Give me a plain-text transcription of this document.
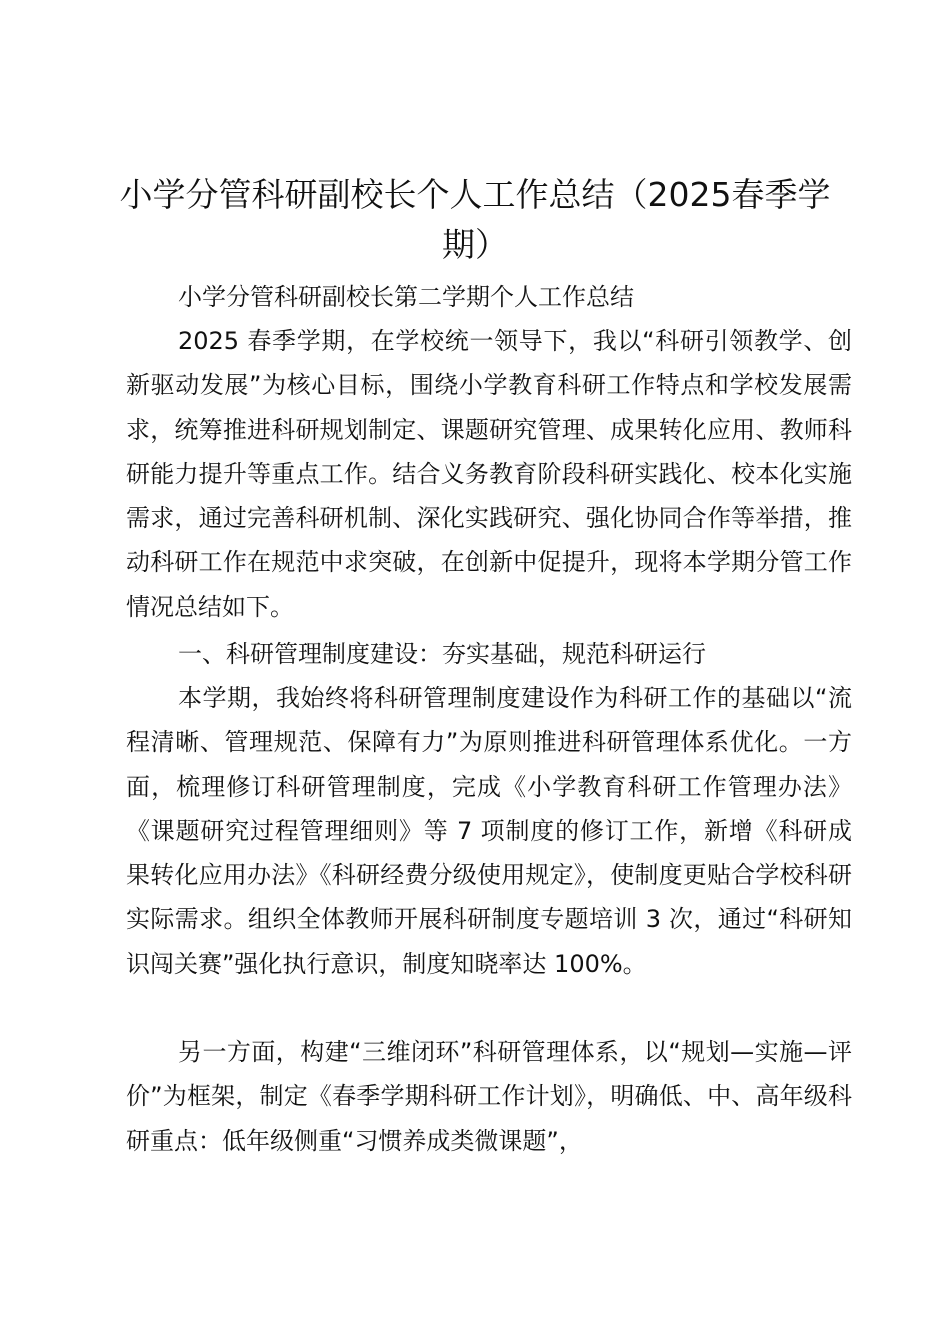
小学分管科研副校长个人工作总结（2025春季学期）

小学分管科研副校长第二学期个人工作总结

2025 春季学期，在学校统一领导下，我以“科研引领教学、创新驱动发展”为核心目标，围绕小学教育科研工作特点和学校发展需求，统筹推进科研规划制定、课题研究管理、成果转化应用、教师科研能力提升等重点工作。结合义务教育阶段科研实践化、校本化实施需求，通过完善科研机制、深化实践研究、强化协同合作等举措，推动科研工作在规范中求突破，在创新中促提升，现将本学期分管工作情况总结如下。

一、科研管理制度建设：夯实基础，规范科研运行

本学期，我始终将科研管理制度建设作为科研工作的基础以“流程清晰、管理规范、保障有力”为原则推进科研管理体系优化。一方面，梳理修订科研管理制度，完成《小学教育科研工作管理办法》《课题研究过程管理细则》等 7 项制度的修订工作，新增《科研成果转化应用办法》《科研经费分级使用规定》，使制度更贴合学校科研实际需求。组织全体教师开展科研制度专题培训 3 次，通过“科研知识闯关赛”强化执行意识，制度知晓率达 100%。

另一方面，构建“三维闭环”科研管理体系，以“规划—实施—评价”为框架，制定《春季学期科研工作计划》，明确低、中、高年级科研重点：低年级侧重“习惯养成类微课题”，
